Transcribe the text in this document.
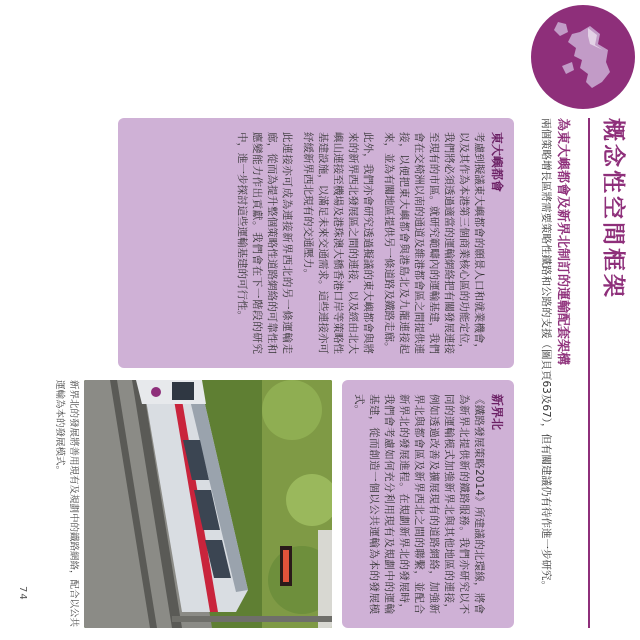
74
概念性空間框架
為東大嶼都會及新界北制訂的運輸配套架構
兩個策略增長區將需要策略性鐵路和公路的支援（圖貝頁63及67），但有關建議仍有待作進一步研究。
東大嶼都會

考慮到擬議東大嶼都會的願景人口和就業機會，以及其作為本港第三個商業核心區的功能定位，我們將必須透過適當的運輸網絡把有關發展連接至現有的市區。就研究範疇內的運輸基建，我們會在交椅洲以南的通道及維港都會區之間提供連接，以便把東大嶼都會與港島北及九龍連接起來，並為有關地區提供另一條道路及鐵路走廊。

此外，我們亦會研究透過擬議的東大嶼都會與將來的新界西北發展區之間的連接，以及經由北大嶼山連接至機場及港珠澳大橋香港口岸等策略性基建設施，以滿足未來交通需求。這些連接亦可紓緩新界西北現有的交通壓力。

此連接亦可成為連接新界西北的另一條運輸走廊，從而為提升整個策略性道路網絡的可靠性和應變能力作出貢獻。我們會在下一階段的研究中，進一步探討這些運輸基建的可行性。

新界北

《鐵路發展策略2014》所建議的北環線，將會為新界北提供新的鐵路服務。我們亦研究以不同的運輸模式加強新界北與其他地區的連接，例如透過改善及擴展現有的道路網絡，加強新界北與都會區及新界西北之間的聯繫，並配合新界北的發展進程。在規劃新界北的發展時，我們會考慮如何充分利用現有及規劃中的運輸基建，從而創造一個以公共運輸為本的發展模式。

新界北的發展將善用現有及規劃中的鐵路網絡，配合以公共運輸為本的發展模式。
